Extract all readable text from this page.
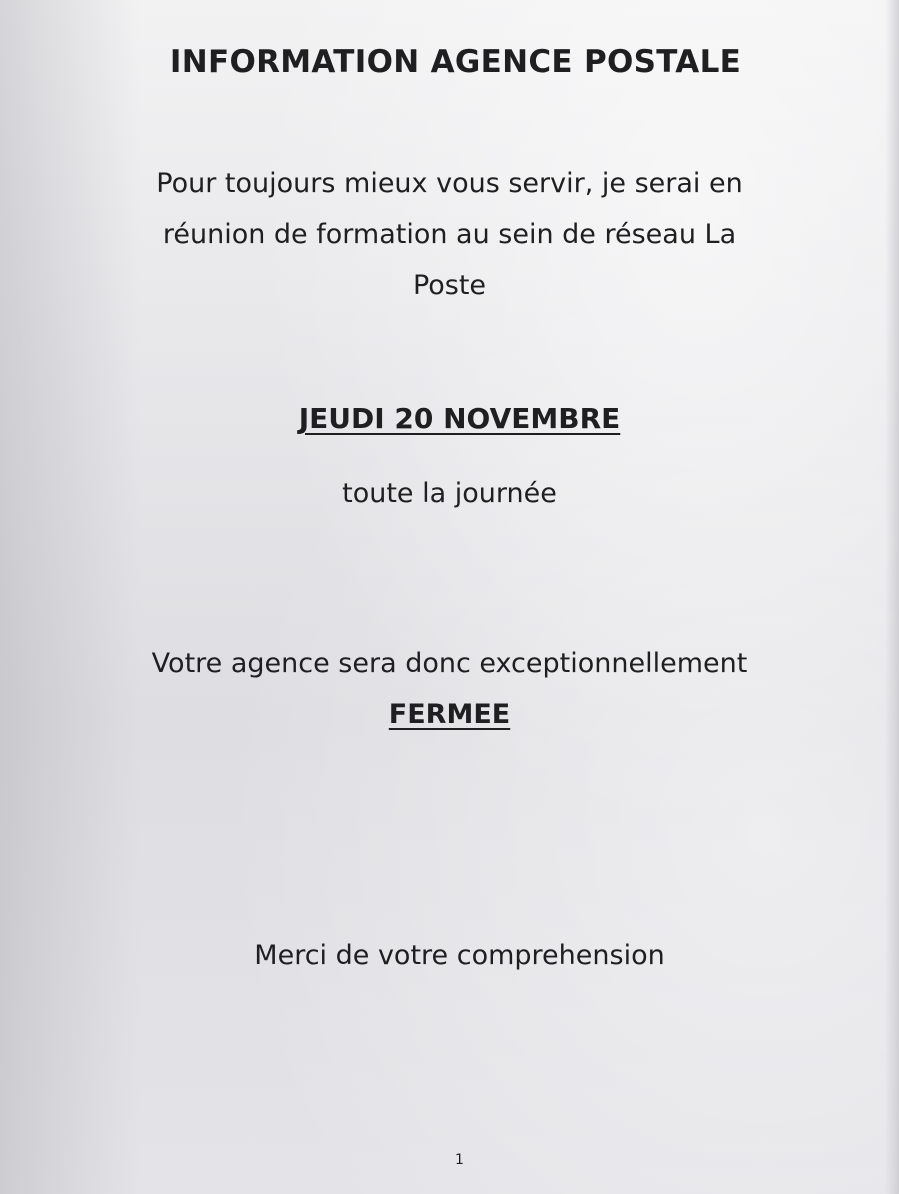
INFORMATION AGENCE POSTALE
Pour toujours mieux vous servir, je serai en
réunion de formation au sein de réseau La
Poste
JEUDI 20 NOVEMBRE
toute la journée
Votre agence sera donc exceptionnellement
FERMEE
Merci de votre comprehension
1
